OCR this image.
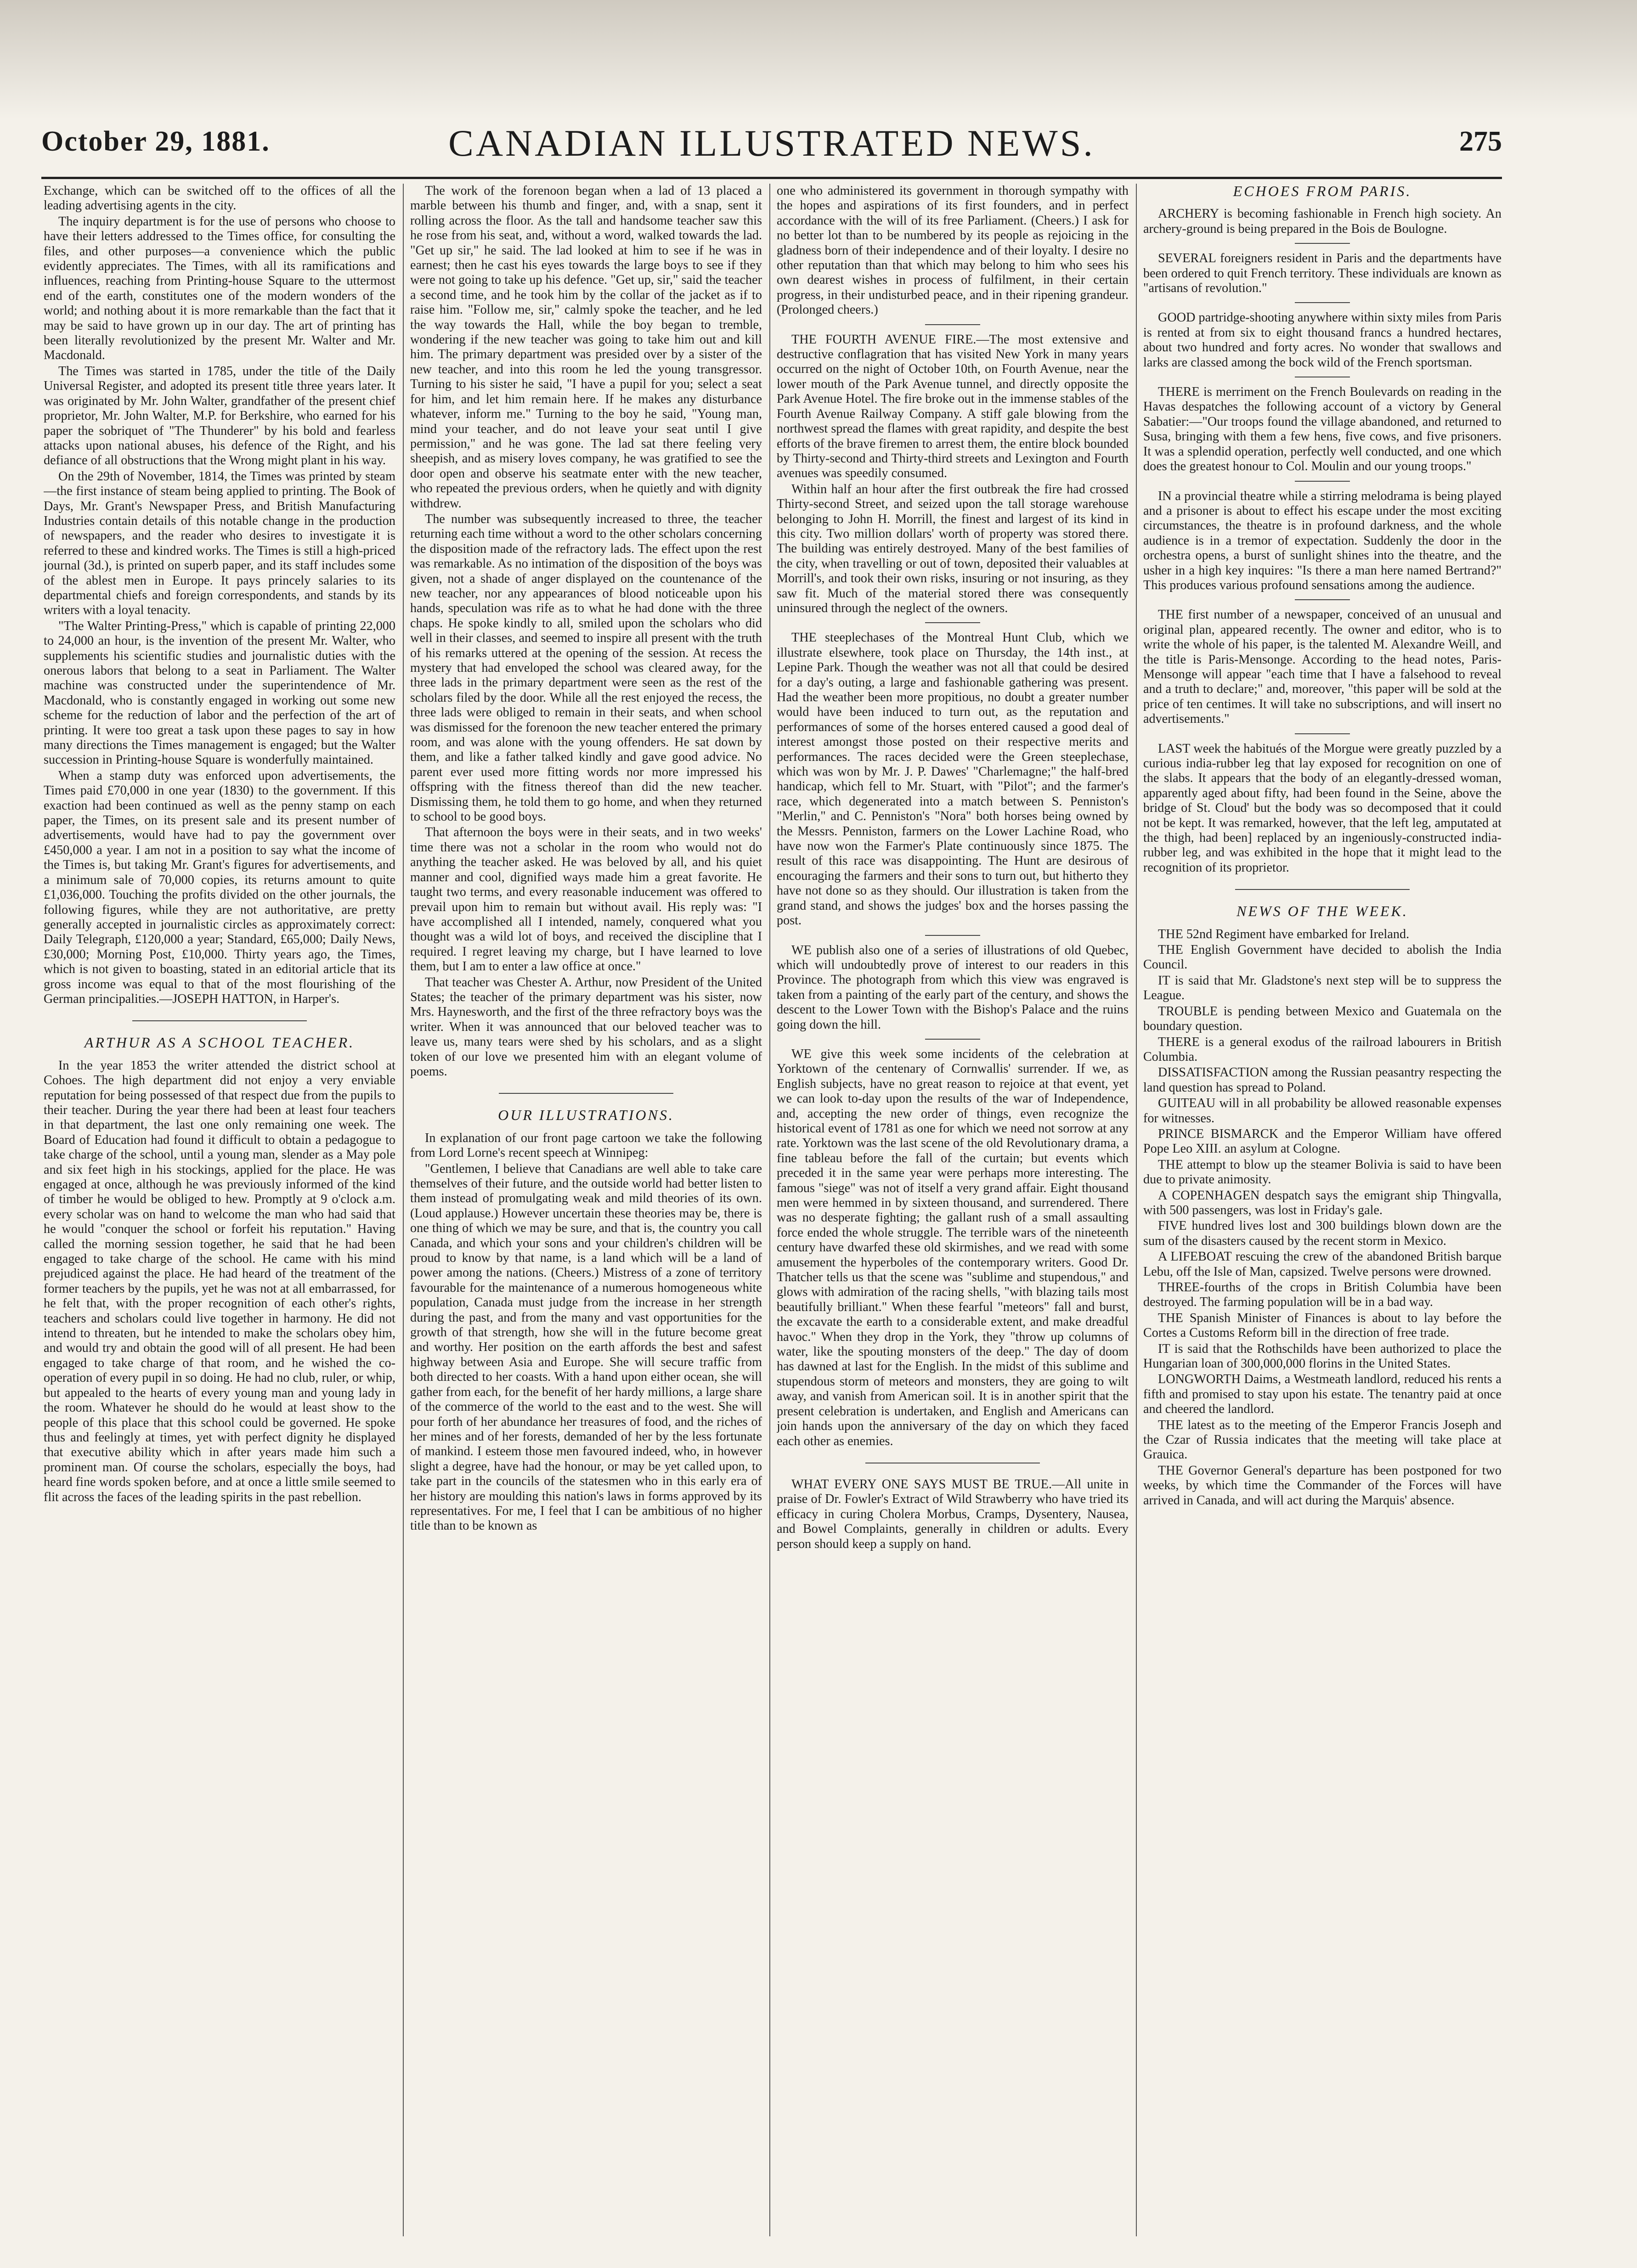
October 29, 1881.	CANADIAN ILLUSTRATED NEWS.	275

Exchange, which can be switched off to the offices of all the leading advertising agents in the city.

The inquiry department is for the use of persons who choose to have their letters addressed to the Times office, for consulting the files, and other purposes—a convenience which the public evidently appreciates. The Times, with all its ramifications and influences, reaching from Printing-house Square to the uttermost end of the earth, constitutes one of the modern wonders of the world; and nothing about it is more remarkable than the fact that it may be said to have grown up in our day. The art of printing has been literally revolutionized by the present Mr. Walter and Mr. Macdonald.

The Times was started in 1785, under the title of the Daily Universal Register, and adopted its present title three years later. It was originated by Mr. John Walter, grandfather of the present chief proprietor, Mr. John Walter, M.P. for Berkshire, who earned for his paper the sobriquet of "The Thunderer" by his bold and fearless attacks upon national abuses, his defence of the Right, and his defiance of all obstructions that the Wrong might plant in his way.

On the 29th of November, 1814, the Times was printed by steam—the first instance of steam being applied to printing. The Book of Days, Mr. Grant's Newspaper Press, and British Manufacturing Industries contain details of this notable change in the production of newspapers, and the reader who desires to investigate it is referred to these and kindred works. The Times is still a high-priced journal (3d.), is printed on superb paper, and its staff includes some of the ablest men in Europe. It pays princely salaries to its departmental chiefs and foreign correspondents, and stands by its writers with a loyal tenacity.

"The Walter Printing-Press," which is capable of printing 22,000 to 24,000 an hour, is the invention of the present Mr. Walter, who supplements his scientific studies and journalistic duties with the onerous labors that belong to a seat in Parliament. The Walter machine was constructed under the superintendence of Mr. Macdonald, who is constantly engaged in working out some new scheme for the reduction of labor and the perfection of the art of printing. It were too great a task upon these pages to say in how many directions the Times management is engaged; but the Walter succession in Printing-house Square is wonderfully maintained.

When a stamp duty was enforced upon advertisements, the Times paid £70,000 in one year (1830) to the government. If this exaction had been continued as well as the penny stamp on each paper, the Times, on its present sale and its present number of advertisements, would have had to pay the government over £450,000 a year. I am not in a position to say what the income of the Times is, but taking Mr. Grant's figures for advertisements, and a minimum sale of 70,000 copies, its returns amount to quite £1,036,000. Touching the profits divided on the other journals, the following figures, while they are not authoritative, are pretty generally accepted in journalistic circles as approximately correct: Daily Telegraph, £120,000 a year; Standard, £65,000; Daily News, £30,000; Morning Post, £10,000. Thirty years ago, the Times, which is not given to boasting, stated in an editorial article that its gross income was equal to that of the most flourishing of the German principalities.—JOSEPH HATTON, in Harper's.

ARTHUR AS A SCHOOL TEACHER.

In the year 1853 the writer attended the district school at Cohoes. The high department did not enjoy a very enviable reputation for being possessed of that respect due from the pupils to their teacher. During the year there had been at least four teachers in that department, the last one only remaining one week. The Board of Education had found it difficult to obtain a pedagogue to take charge of the school, until a young man, slender as a May pole and six feet high in his stockings, applied for the place. He was engaged at once, although he was previously informed of the kind of timber he would be obliged to hew. Promptly at 9 o'clock a.m. every scholar was on hand to welcome the man who had said that he would "conquer the school or forfeit his reputation." Having called the morning session together, he said that he had been engaged to take charge of the school. He came with his mind prejudiced against the place. He had heard of the treatment of the former teachers by the pupils, yet he was not at all embarrassed, for he felt that, with the proper recognition of each other's rights, teachers and scholars could live together in harmony. He did not intend to threaten, but he intended to make the scholars obey him, and would try and obtain the good will of all present. He had been engaged to take charge of that room, and he wished the co-operation of every pupil in so doing. He had no club, ruler, or whip, but appealed to the hearts of every young man and young lady in the room. Whatever he should do he would at least show to the people of this place that this school could be governed. He spoke thus and feelingly at times, yet with perfect dignity he displayed that executive ability which in after years made him such a prominent man. Of course the scholars, especially the boys, had heard fine words spoken before, and at once a little smile seemed to flit across the faces of the leading spirits in the past rebellion.

The work of the forenoon began when a lad of 13 placed a marble between his thumb and finger, and, with a snap, sent it rolling across the floor. As the tall and handsome teacher saw this he rose from his seat, and, without a word, walked towards the lad. "Get up sir," he said. The lad looked at him to see if he was in earnest; then he cast his eyes towards the large boys to see if they were not going to take up his defence. "Get up, sir," said the teacher a second time, and he took him by the collar of the jacket as if to raise him. "Follow me, sir," calmly spoke the teacher, and he led the way towards the Hall, while the boy began to tremble, wondering if the new teacher was going to take him out and kill him. The primary department was presided over by a sister of the new teacher, and into this room he led the young transgressor. Turning to his sister he said, "I have a pupil for you; select a seat for him, and let him remain here. If he makes any disturbance whatever, inform me." Turning to the boy he said, "Young man, mind your teacher, and do not leave your seat until I give permission," and he was gone. The lad sat there feeling very sheepish, and as misery loves company, he was gratified to see the door open and observe his seatmate enter with the new teacher, who repeated the previous orders, when he quietly and with dignity withdrew.

The number was subsequently increased to three, the teacher returning each time without a word to the other scholars concerning the disposition made of the refractory lads. The effect upon the rest was remarkable. As no intimation of the disposition of the boys was given, not a shade of anger displayed on the countenance of the new teacher, nor any appearances of blood noticeable upon his hands, speculation was rife as to what he had done with the three chaps. He spoke kindly to all, smiled upon the scholars who did well in their classes, and seemed to inspire all present with the truth of his remarks uttered at the opening of the session. At recess the mystery that had enveloped the school was cleared away, for the three lads in the primary department were seen as the rest of the scholars filed by the door. While all the rest enjoyed the recess, the three lads were obliged to remain in their seats, and when school was dismissed for the forenoon the new teacher entered the primary room, and was alone with the young offenders. He sat down by them, and like a father talked kindly and gave good advice. No parent ever used more fitting words nor more impressed his offspring with the fitness thereof than did the new teacher. Dismissing them, he told them to go home, and when they returned to school to be good boys.

That afternoon the boys were in their seats, and in two weeks' time there was not a scholar in the room who would not do anything the teacher asked. He was beloved by all, and his quiet manner and cool, dignified ways made him a great favorite. He taught two terms, and every reasonable inducement was offered to prevail upon him to remain but without avail. His reply was: "I have accomplished all I intended, namely, conquered what you thought was a wild lot of boys, and received the discipline that I required. I regret leaving my charge, but I have learned to love them, but I am to enter a law office at once."

That teacher was Chester A. Arthur, now President of the United States; the teacher of the primary department was his sister, now Mrs. Haynesworth, and the first of the three refractory boys was the writer. When it was announced that our beloved teacher was to leave us, many tears were shed by his scholars, and as a slight token of our love we presented him with an elegant volume of poems.

OUR ILLUSTRATIONS.

In explanation of our front page cartoon we take the following from Lord Lorne's recent speech at Winnipeg:

"Gentlemen, I believe that Canadians are well able to take care themselves of their future, and the outside world had better listen to them instead of promulgating weak and mild theories of its own. (Loud applause.) However uncertain these theories may be, there is one thing of which we may be sure, and that is, the country you call Canada, and which your sons and your children's children will be proud to know by that name, is a land which will be a land of power among the nations. (Cheers.) Mistress of a zone of territory favourable for the maintenance of a numerous homogeneous white population, Canada must judge from the increase in her strength during the past, and from the many and vast opportunities for the growth of that strength, how she will in the future become great and worthy. Her position on the earth affords the best and safest highway between Asia and Europe. She will secure traffic from both directed to her coasts. With a hand upon either ocean, she will gather from each, for the benefit of her hardy millions, a large share of the commerce of the world to the east and to the west. She will pour forth of her abundance her treasures of food, and the riches of her mines and of her forests, demanded of her by the less fortunate of mankind. I esteem those men favoured indeed, who, in however slight a degree, have had the honour, or may be yet called upon, to take part in the councils of the statesmen who in this early era of her history are moulding this nation's laws in forms approved by its representatives. For me, I feel that I can be ambitious of no higher title than to be known as

one who administered its government in thorough sympathy with the hopes and aspirations of its first founders, and in perfect accordance with the will of its free Parliament. (Cheers.) I ask for no better lot than to be numbered by its people as rejoicing in the gladness born of their independence and of their loyalty. I desire no other reputation than that which may belong to him who sees his own dearest wishes in process of fulfilment, in their certain progress, in their undisturbed peace, and in their ripening grandeur. (Prolonged cheers.)

THE FOURTH AVENUE FIRE.—The most extensive and destructive conflagration that has visited New York in many years occurred on the night of October 10th, on Fourth Avenue, near the lower mouth of the Park Avenue tunnel, and directly opposite the Park Avenue Hotel. The fire broke out in the immense stables of the Fourth Avenue Railway Company. A stiff gale blowing from the northwest spread the flames with great rapidity, and despite the best efforts of the brave firemen to arrest them, the entire block bounded by Thirty-second and Thirty-third streets and Lexington and Fourth avenues was speedily consumed.

Within half an hour after the first outbreak the fire had crossed Thirty-second Street, and seized upon the tall storage warehouse belonging to John H. Morrill, the finest and largest of its kind in this city. Two million dollars' worth of property was stored there. The building was entirely destroyed. Many of the best families of the city, when travelling or out of town, deposited their valuables at Morrill's, and took their own risks, insuring or not insuring, as they saw fit. Much of the material stored there was consequently uninsured through the neglect of the owners.

THE steeplechases of the Montreal Hunt Club, which we illustrate elsewhere, took place on Thursday, the 14th inst., at Lepine Park. Though the weather was not all that could be desired for a day's outing, a large and fashionable gathering was present. Had the weather been more propitious, no doubt a greater number would have been induced to turn out, as the reputation and performances of some of the horses entered caused a good deal of interest amongst those posted on their respective merits and performances. The races decided were the Green steeplechase, which was won by Mr. J. P. Dawes' "Charlemagne;" the half-bred handicap, which fell to Mr. Stuart, with "Pilot"; and the farmer's race, which degenerated into a match between S. Penniston's "Merlin," and C. Penniston's "Nora" both horses being owned by the Messrs. Penniston, farmers on the Lower Lachine Road, who have now won the Farmer's Plate continuously since 1875. The result of this race was disappointing. The Hunt are desirous of encouraging the farmers and their sons to turn out, but hitherto they have not done so as they should. Our illustration is taken from the grand stand, and shows the judges' box and the horses passing the post.

WE publish also one of a series of illustrations of old Quebec, which will undoubtedly prove of interest to our readers in this Province. The photograph from which this view was engraved is taken from a painting of the early part of the century, and shows the descent to the Lower Town with the Bishop's Palace and the ruins going down the hill.

WE give this week some incidents of the celebration at Yorktown of the centenary of Cornwallis' surrender. If we, as English subjects, have no great reason to rejoice at that event, yet we can look to-day upon the results of the war of Independence, and, accepting the new order of things, even recognize the historical event of 1781 as one for which we need not sorrow at any rate. Yorktown was the last scene of the old Revolutionary drama, a fine tableau before the fall of the curtain; but events which preceded it in the same year were perhaps more interesting. The famous "siege" was not of itself a very grand affair. Eight thousand men were hemmed in by sixteen thousand, and surrendered. There was no desperate fighting; the gallant rush of a small assaulting force ended the whole struggle. The terrible wars of the nineteenth century have dwarfed these old skirmishes, and we read with some amusement the hyperboles of the contemporary writers. Good Dr. Thatcher tells us that the scene was "sublime and stupendous," and glows with admiration of the racing shells, "with blazing tails most beautifully brilliant." When these fearful "meteors" fall and burst, the excavate the earth to a considerable extent, and make dreadful havoc." When they drop in the York, they "throw up columns of water, like the spouting monsters of the deep." The day of doom has dawned at last for the English. In the midst of this sublime and stupendous storm of meteors and monsters, they are going to wilt away, and vanish from American soil. It is in another spirit that the present celebration is undertaken, and English and Americans can join hands upon the anniversary of the day on which they faced each other as enemies.

WHAT EVERY ONE SAYS MUST BE TRUE.—All unite in praise of Dr. Fowler's Extract of Wild Strawberry who have tried its efficacy in curing Cholera Morbus, Cramps, Dysentery, Nausea, and Bowel Complaints, generally in children or adults. Every person should keep a supply on hand.

ECHOES FROM PARIS.

ARCHERY is becoming fashionable in French high society. An archery-ground is being prepared in the Bois de Boulogne.

SEVERAL foreigners resident in Paris and the departments have been ordered to quit French territory. These individuals are known as "artisans of revolution."

GOOD partridge-shooting anywhere within sixty miles from Paris is rented at from six to eight thousand francs a hundred hectares, about two hundred and forty acres. No wonder that swallows and larks are classed among the bock wild of the French sportsman.

THERE is merriment on the French Boulevards on reading in the Havas despatches the following account of a victory by General Sabatier:—"Our troops found the village abandoned, and returned to Susa, bringing with them a few hens, five cows, and five prisoners. It was a splendid operation, perfectly well conducted, and one which does the greatest honour to Col. Moulin and our young troops."

IN a provincial theatre while a stirring melodrama is being played and a prisoner is about to effect his escape under the most exciting circumstances, the theatre is in profound darkness, and the whole audience is in a tremor of expectation. Suddenly the door in the orchestra opens, a burst of sunlight shines into the theatre, and the usher in a high key inquires: "Is there a man here named Bertrand?" This produces various profound sensations among the audience.

THE first number of a newspaper, conceived of an unusual and original plan, appeared recently. The owner and editor, who is to write the whole of his paper, is the talented M. Alexandre Weill, and the title is Paris-Mensonge. According to the head notes, Paris-Mensonge will appear "each time that I have a falsehood to reveal and a truth to declare;" and, moreover, "this paper will be sold at the price of ten centimes. It will take no subscriptions, and will insert no advertisements."

LAST week the habitués of the Morgue were greatly puzzled by a curious india-rubber leg that lay exposed for recognition on one of the slabs. It appears that the body of an elegantly-dressed woman, apparently aged about fifty, had been found in the Seine, above the bridge of St. Cloud' but the body was so decomposed that it could not be kept. It was remarked, however, that the left leg, amputated at the thigh, had been] replaced by an ingeniously-constructed india-rubber leg, and was exhibited in the hope that it might lead to the recognition of its proprietor.

NEWS OF THE WEEK.

THE 52nd Regiment have embarked for Ireland.

THE English Government have decided to abolish the India Council.

IT is said that Mr. Gladstone's next step will be to suppress the League.

TROUBLE is pending between Mexico and Guatemala on the boundary question.

THERE is a general exodus of the railroad labourers in British Columbia.

DISSATISFACTION among the Russian peasantry respecting the land question has spread to Poland.

GUITEAU will in all probability be allowed reasonable expenses for witnesses.

PRINCE BISMARCK and the Emperor William have offered Pope Leo XIII. an asylum at Cologne.

THE attempt to blow up the steamer Bolivia is said to have been due to private animosity.

A COPENHAGEN despatch says the emigrant ship Thingvalla, with 500 passengers, was lost in Friday's gale.

FIVE hundred lives lost and 300 buildings blown down are the sum of the disasters caused by the recent storm in Mexico.

A LIFEBOAT rescuing the crew of the abandoned British barque Lebu, off the Isle of Man, capsized. Twelve persons were drowned.

THREE-fourths of the crops in British Columbia have been destroyed. The farming population will be in a bad way.

THE Spanish Minister of Finances is about to lay before the Cortes a Customs Reform bill in the direction of free trade.

IT is said that the Rothschilds have been authorized to place the Hungarian loan of 300,000,000 florins in the United States.

LONGWORTH Daims, a Westmeath landlord, reduced his rents a fifth and promised to stay upon his estate. The tenantry paid at once and cheered the landlord.

THE latest as to the meeting of the Emperor Francis Joseph and the Czar of Russia indicates that the meeting will take place at Grauica.

THE Governor General's departure has been postponed for two weeks, by which time the Commander of the Forces will have arrived in Canada, and will act during the Marquis' absence.
